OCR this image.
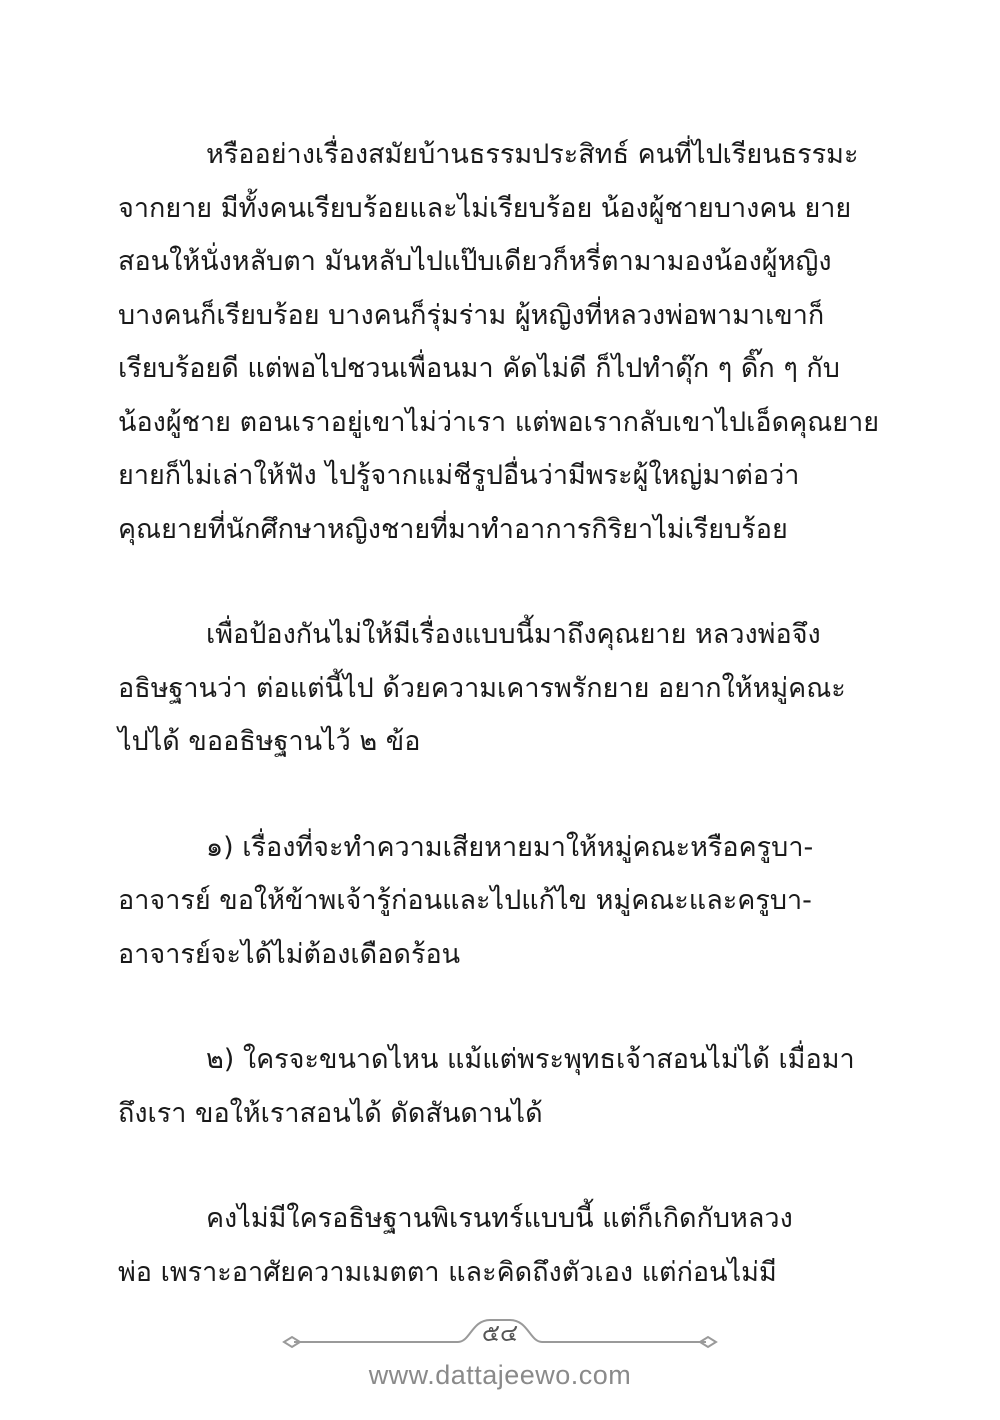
หรืออย่างเรื่องสมัยบ้านธรรมประสิทธ์ คนที่ไปเรียนธรรมะ
จากยาย มีทั้งคนเรียบร้อยและไม่เรียบร้อย น้องผู้ชายบางคน ยาย
สอนให้นั่งหลับตา มันหลับไปแป๊บเดียวก็หรี่ตามามองน้องผู้หญิง
บางคนก็เรียบร้อย บางคนก็รุ่มร่าม ผู้หญิงที่หลวงพ่อพามาเขาก็
เรียบร้อยดี แต่พอไปชวนเพื่อนมา คัดไม่ดี ก็ไปทำดุ๊ก ๆ ดิ๊ก ๆ กับ
น้องผู้ชาย ตอนเราอยู่เขาไม่ว่าเรา แต่พอเรากลับเขาไปเอ็ดคุณยาย
ยายก็ไม่เล่าให้ฟัง ไปรู้จากแม่ชีรูปอื่นว่ามีพระผู้ใหญ่มาต่อว่า
คุณยายที่นักศึกษาหญิงชายที่มาทำอาการกิริยาไม่เรียบร้อย

เพื่อป้องกันไม่ให้มีเรื่องแบบนี้มาถึงคุณยาย หลวงพ่อจึง
อธิษฐานว่า ต่อแต่นี้ไป ด้วยความเคารพรักยาย อยากให้หมู่คณะ
ไปได้ ขออธิษฐานไว้ ๒ ข้อ

๑) เรื่องที่จะทำความเสียหายมาให้หมู่คณะหรือครูบา-
อาจารย์ ขอให้ข้าพเจ้ารู้ก่อนและไปแก้ไข หมู่คณะและครูบา-
อาจารย์จะได้ไม่ต้องเดือดร้อน

๒) ใครจะขนาดไหน แม้แต่พระพุทธเจ้าสอนไม่ได้ เมื่อมา
ถึงเรา ขอให้เราสอนได้ ดัดสันดานได้

คงไม่มีใครอธิษฐานพิเรนทร์แบบนี้ แต่ก็เกิดกับหลวง
พ่อ เพราะอาศัยความเมตตา และคิดถึงตัวเอง แต่ก่อนไม่มี

๕๔
www.dattajeewo.com
